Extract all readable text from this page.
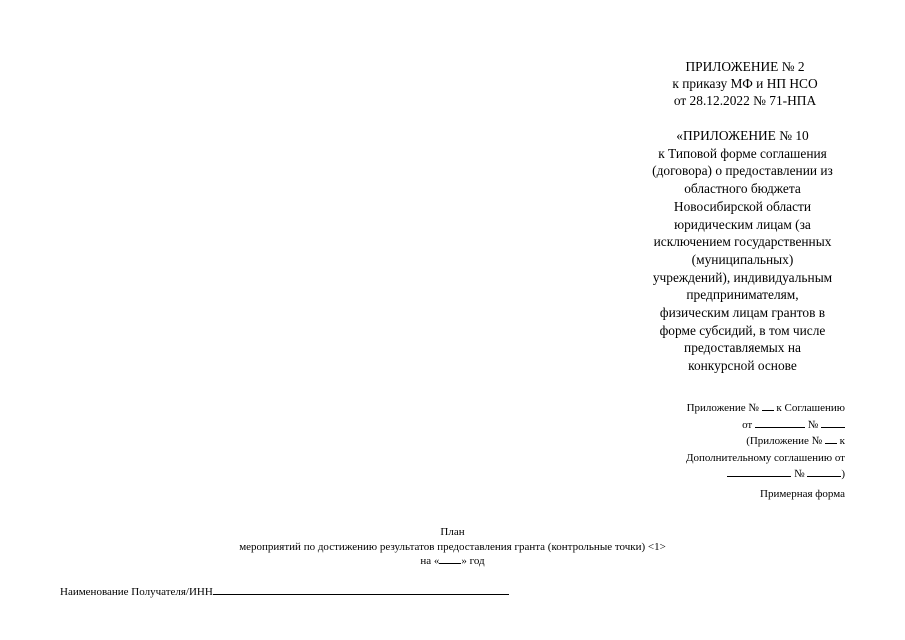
ПРИЛОЖЕНИЕ № 2
к приказу МФ и НП НСО
от 28.12.2022 № 71-НПА
«ПРИЛОЖЕНИЕ № 10
к Типовой форме соглашения
(договора) о предоставлении из
областного бюджета
Новосибирской области
юридическим лицам (за
исключением государственных
(муниципальных)
учреждений), индивидуальным
предпринимателям,
физическим лицам грантов в
форме субсидий, в том числе
предоставляемых на
конкурсной основе
Приложение № к Соглашению
от	№
(Приложение № к
Дополнительному соглашению от
№	)
Примерная форма
План
мероприятий по достижению результатов предоставления гранта (контрольные точки) <1>
на « » год
Наименование Получателя/ИНН
